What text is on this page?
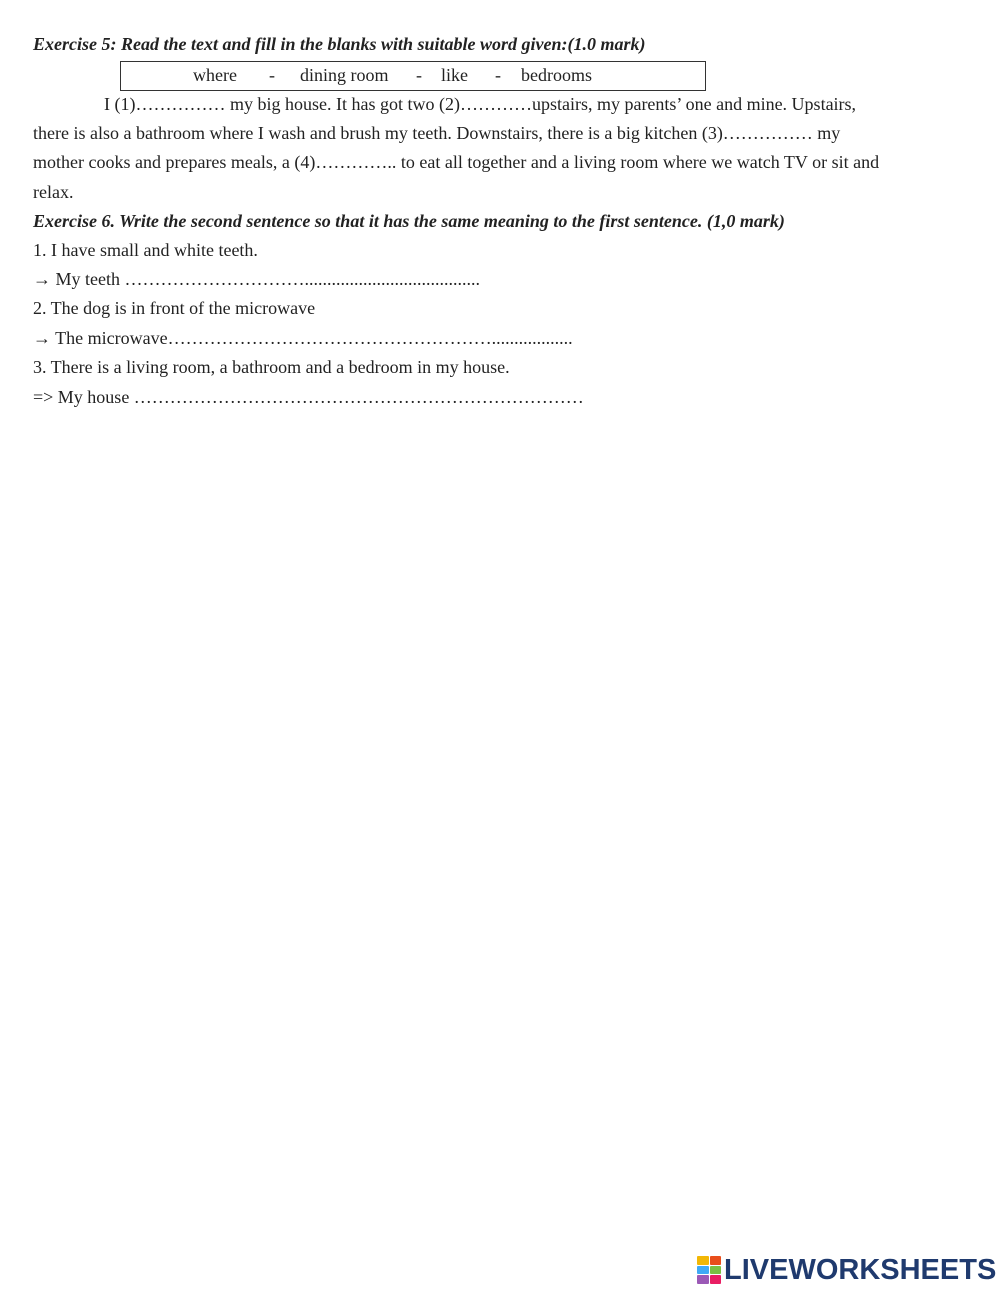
Exercise 5: Read the text and fill in the blanks with suitable word given:(1.0 mark)
where - dining room - like - bedrooms
I (1)…………… my big house. It has got two (2)…………upstairs, my parents’ one and mine. Upstairs,
there is also a bathroom where I wash and brush my teeth. Downstairs, there is a big kitchen (3)…………… my
mother cooks and prepares meals, a (4)………….. to eat all together and a living room where we watch TV or sit and
relax.
Exercise 6. Write the second sentence so that it has the same meaning to the first sentence. (1,0 mark)
1. I have small and white teeth.
→ My teeth ………………………….......................................
2. The dog is in front of the microwave
→ The microwave………………………………………………..................
3. There is a living room, a bathroom and a bedroom in my house.
=> My house …………………………………………………………………
LIVEWORKSHEETS
